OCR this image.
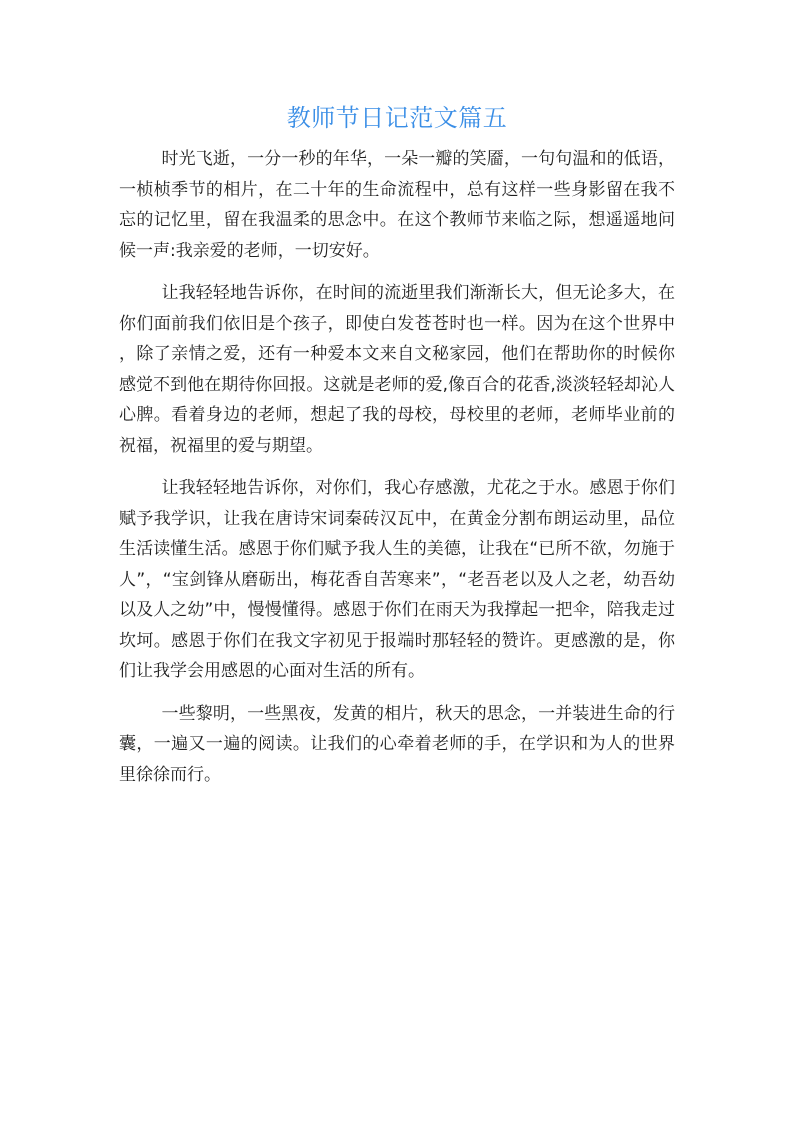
教师节日记范文篇五

时光飞逝，一分一秒的年华，一朵一瓣的笑靥，一句句温和的低语，一桢桢季节的相片，在二十年的生命流程中，总有这样一些身影留在我不忘的记忆里，留在我温柔的思念中。在这个教师节来临之际，想遥遥地问候一声:我亲爱的老师，一切安好。

让我轻轻地告诉你，在时间的流逝里我们渐渐长大，但无论多大，在你们面前我们依旧是个孩子，即使白发苍苍时也一样。因为在这个世界中，除了亲情之爱，还有一种爱本文来自文秘家园，他们在帮助你的时候你感觉不到他在期待你回报。这就是老师的爱,像百合的花香,淡淡轻轻却沁人心脾。看着身边的老师，想起了我的母校，母校里的老师，老师毕业前的祝福，祝福里的爱与期望。

让我轻轻地告诉你，对你们，我心存感激，尤花之于水。感恩于你们赋予我学识，让我在唐诗宋词秦砖汉瓦中，在黄金分割布朗运动里，品位生活读懂生活。感恩于你们赋予我人生的美德，让我在“已所不欲，勿施于人”，“宝剑锋从磨砺出，梅花香自苦寒来”，“老吾老以及人之老，幼吾幼以及人之幼”中，慢慢懂得。感恩于你们在雨天为我撑起一把伞，陪我走过坎坷。感恩于你们在我文字初见于报端时那轻轻的赞许。更感激的是，你们让我学会用感恩的心面对生活的所有。

一些黎明，一些黑夜，发黄的相片，秋天的思念，一并装进生命的行囊，一遍又一遍的阅读。让我们的心牵着老师的手，在学识和为人的世界里徐徐而行。
